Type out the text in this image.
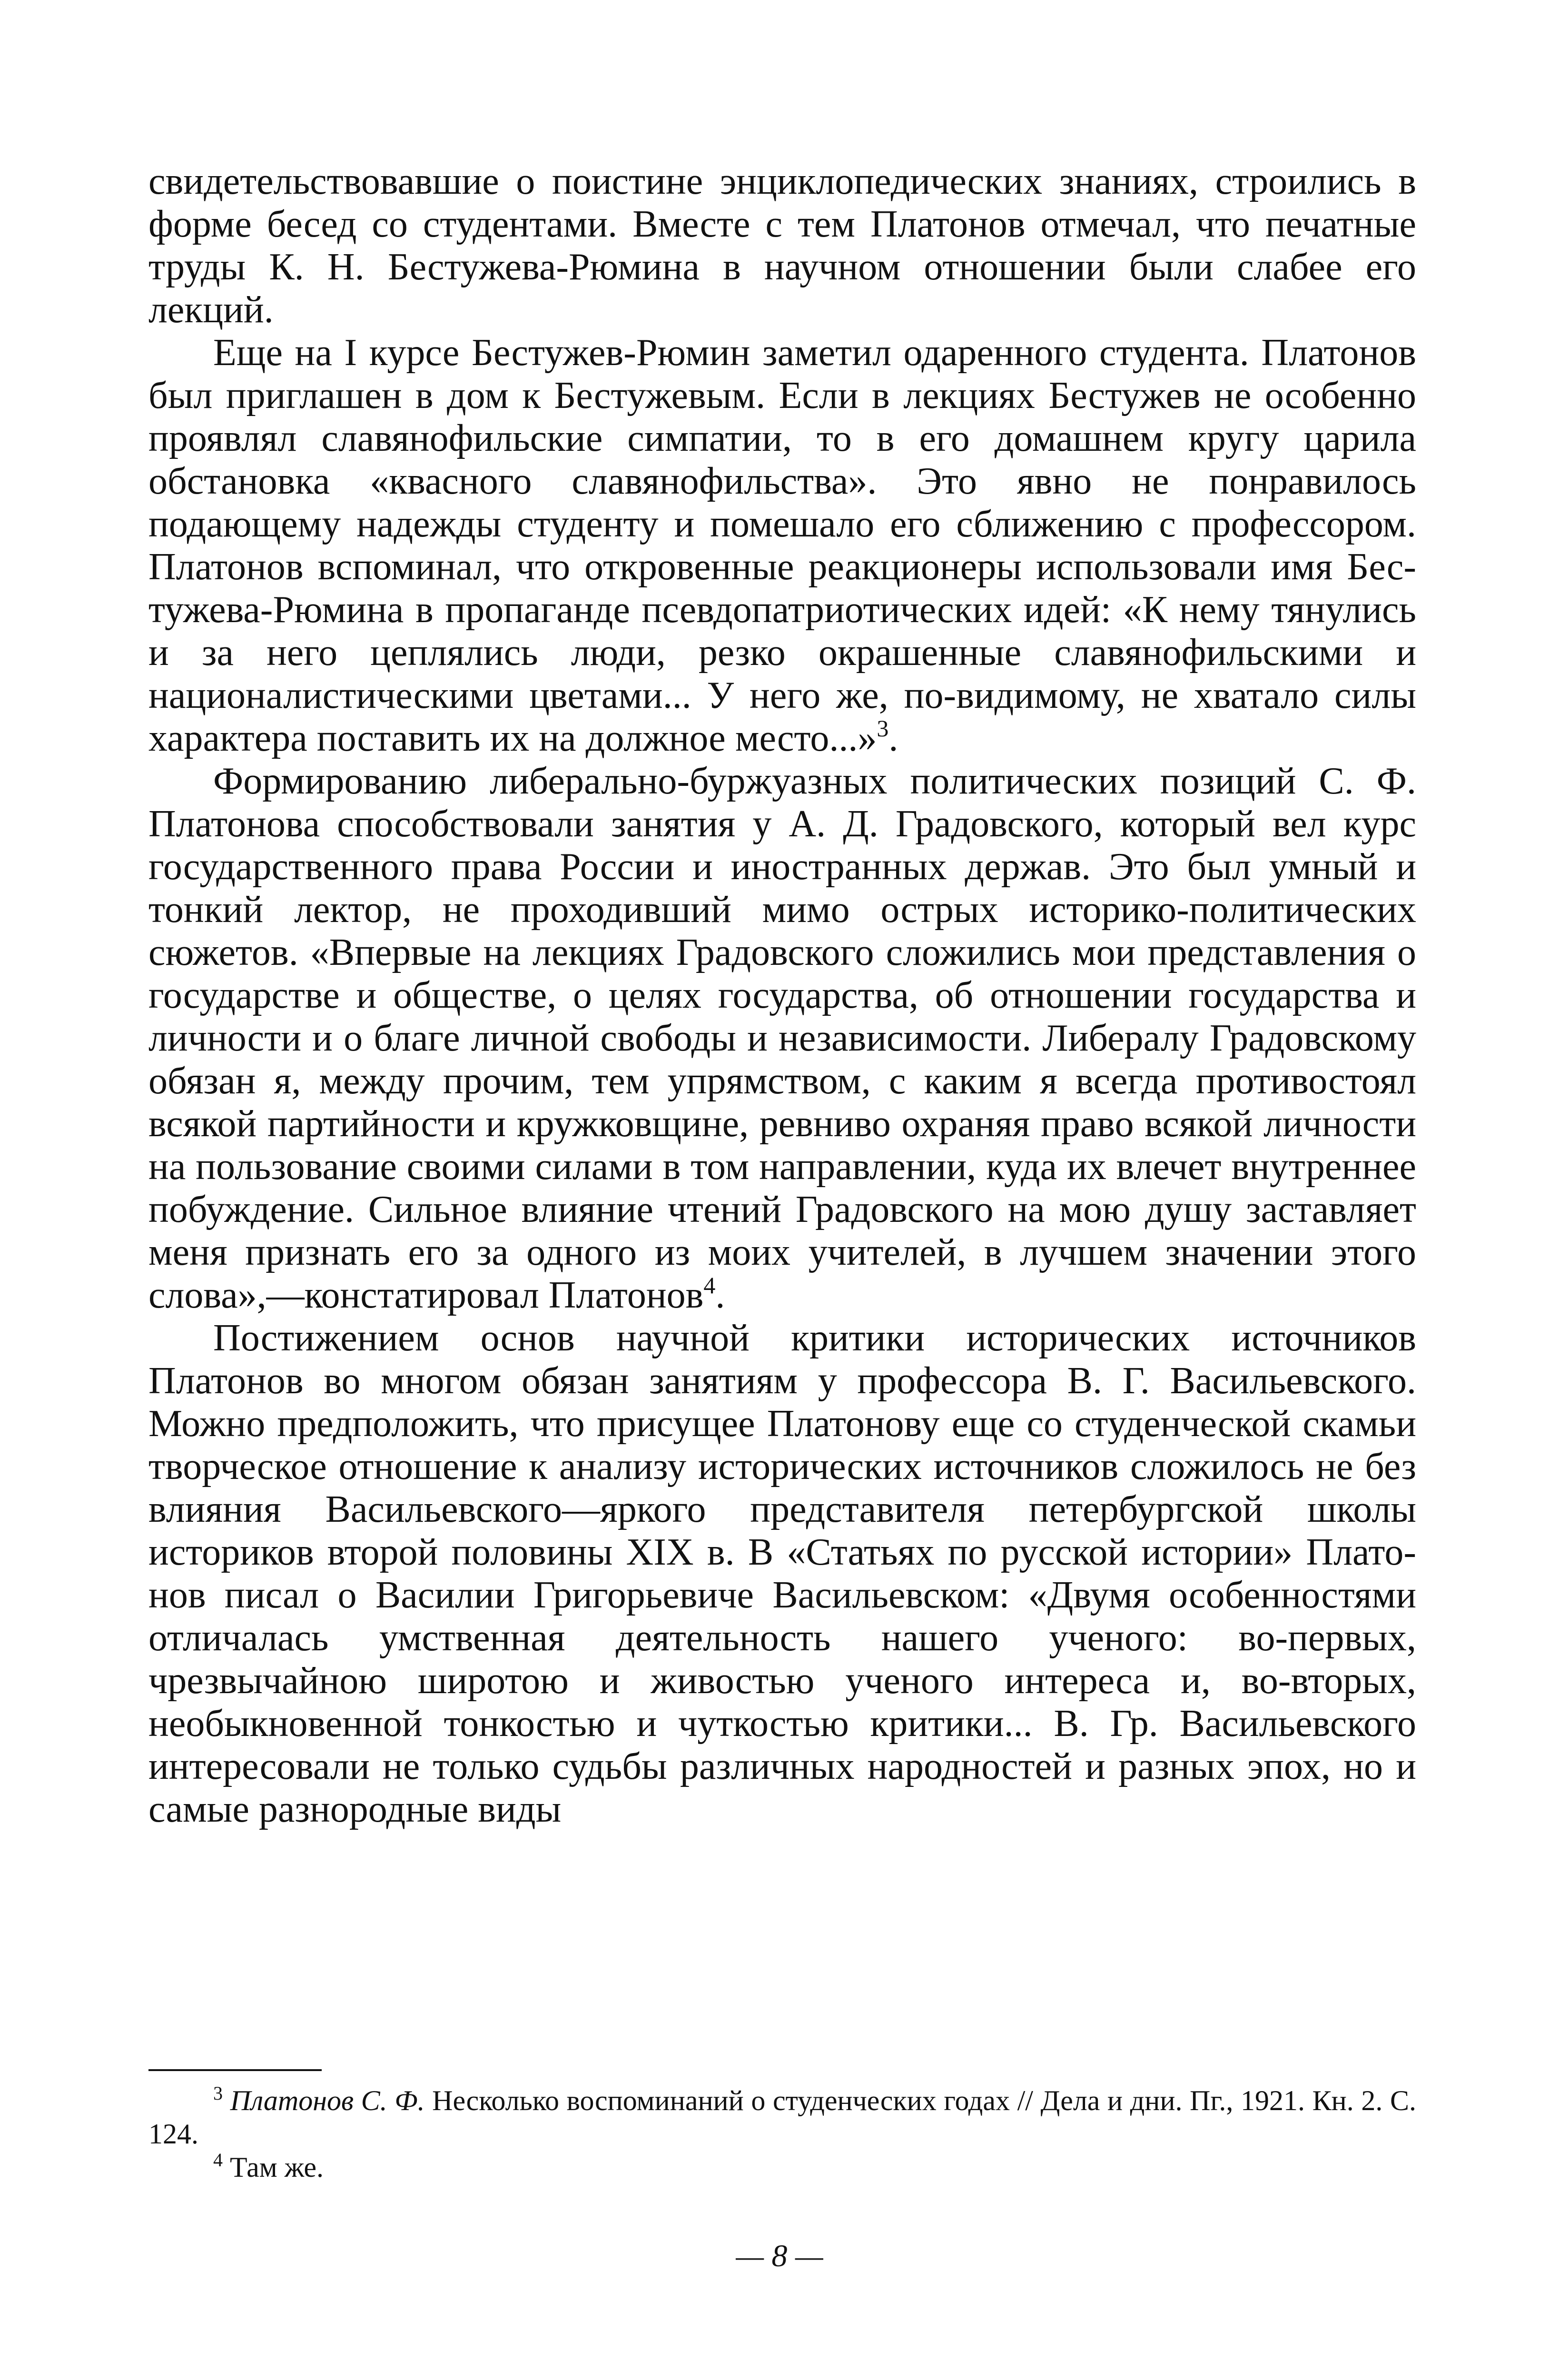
свидетельствовавшие о поистине энциклопедических знаниях, строились в форме бесед со студентами. Вместе с тем Платонов отмечал, что печатные труды К. Н. Бестужева-Рюмина в научном отношении были слабее его лекций.

Еще на I курсе Бестужев-Рюмин заметил одаренного студента. Платонов был приглашен в дом к Бестужевым. Если в лекциях Бестужев не особенно проявлял славянофильские симпатии, то в его домашнем кругу царила обстановка «квасного славянофильства». Это явно не понравилось подающему надежды студенту и помешало его сближению с профессором. Платонов вспоминал, что откровенные реакционеры использовали имя Бестужева-Рюмина в пропаганде псевдопатриотических идей: «К нему тянулись и за него цеплялись люди, резко окрашенные славянофильскими и националистическими цветами... У него же, по-видимому, не хватало силы характера поставить их на должное место...»$^3$.

Формированию либерально-буржуазных политических позиций С. Ф. Платонова способствовали занятия у А. Д. Градовского, который вел курс государственного права России и иностранных держав. Это был умный и тонкий лектор, не проходивший мимо острых историко-политических сюжетов. «Впервые на лекциях Градовского сложились мои представления о государстве и обществе, о целях государства, об отношении государства и личности и о благе личной свободы и независимости. Либералу Градовскому обязан я, между прочим, тем упрямством, с каким я всегда противостоял всякой партийности и кружковщине, ревниво охраняя право всякой личности на пользование своими силами в том направлении, куда их влечет внутреннее побуждение. Сильное влияние чтений Градовского на мою душу заставляет меня признать его за одного из моих учителей, в лучшем значении этого слова»,—констатировал Платонов$^4$.

Постижением основ научной критики исторических источников Платонов во многом обязан занятиям у профессора В. Г. Васильевского. Можно предположить, что присущее Платонову еще со студенческой скамьи творческое отношение к анализу исторических источников сложилось не без влияния Васильевского—яркого представителя петербургской школы историков второй половины XIX в. В «Статьях по русской истории» Платонов писал о Василии Григорьевиче Васильевском: «Двумя особенностями отличалась умственная деятельность нашего ученого: во-первых, чрезвычайною широтою и живостью ученого интереса и, во-вторых, необыкновенной тонкостью и чуткостью критики... В. Гр. Васильевского интересовали не только судьбы различных народностей и разных эпох, но и самые разнородные виды

$^3$ Платонов С. Ф. Несколько воспоминаний о студенческих годах // Дела и дни. Пг., 1921. Кн. 2. С. 124.

$^4$ Там же.

— 8 —
